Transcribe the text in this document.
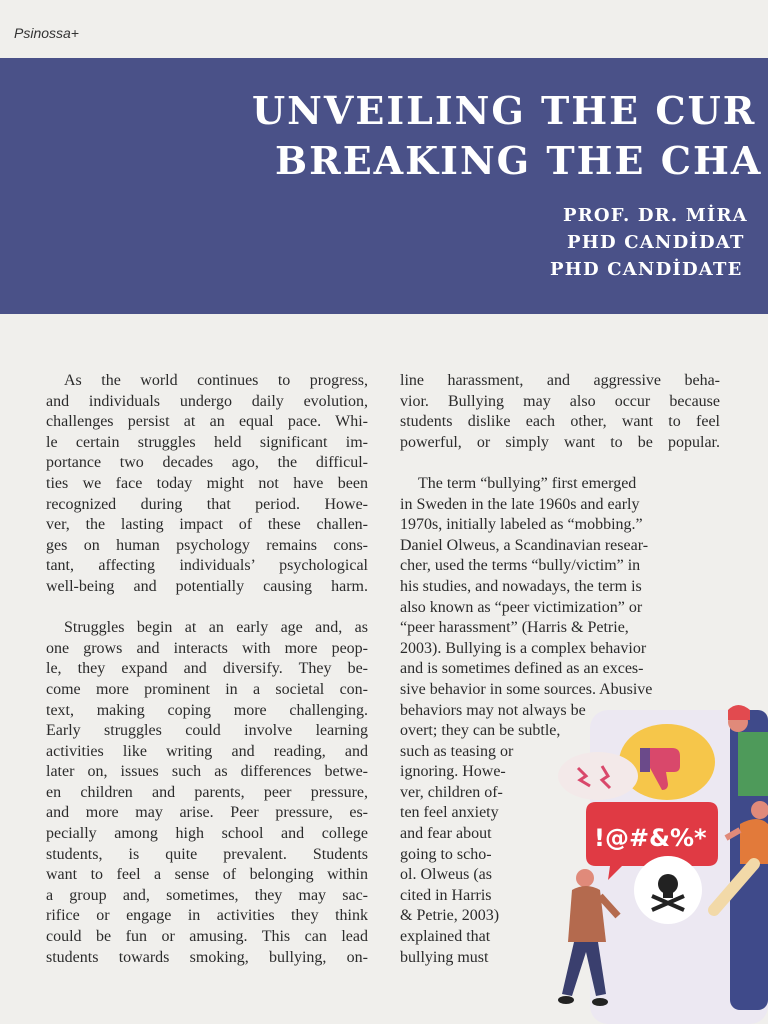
Psinossa+
UNVEILING THE CUR
BREAKING THE CHA
PROF. DR. MİRA
PHD CANDİDAT
PHD CANDİDATE
As the world continues to progress,
and individuals undergo daily evolution,
challenges persist at an equal pace. Whi-
le certain struggles held significant im-
portance two decades ago, the difficul-
ties we face today might not have been
recognized during that period. Howe-
ver, the lasting impact of these challen-
ges on human psychology remains cons-
tant, affecting individuals’ psychological
well-being and potentially causing harm.
Struggles begin at an early age and, as
one grows and interacts with more peop-
le, they expand and diversify. They be-
come more prominent in a societal con-
text, making coping more challenging.
Early struggles could involve learning
activities like writing and reading, and
later on, issues such as differences betwe-
en children and parents, peer pressure,
and more may arise. Peer pressure, es-
pecially among high school and college
students, is quite prevalent. Students
want to feel a sense of belonging within
a group and, sometimes, they may sac-
rifice or engage in activities they think
could be fun or amusing. This can lead
students towards smoking, bullying, on-
line harassment, and aggressive beha-
vior. Bullying may also occur because
students dislike each other, want to feel
powerful, or simply want to be popular.
The term “bullying” first emerged
in Sweden in the late 1960s and early
1970s, initially labeled as “mobbing.”
Daniel Olweus, a Scandinavian resear-
cher, used the terms “bully/victim” in
his studies, and nowadays, the term is
also known as “peer victimization” or
“peer harassment” (Harris & Petrie,
2003). Bullying is a complex behavior
and is sometimes defined as an exces-
sive behavior in some sources. Abusive
behaviors may not always be
overt; they can be subtle,
such as teasing or
ignoring. Howe-
ver, children of-
ten feel anxiety
and fear about
going to scho-
ol. Olweus (as
cited in Harris
& Petrie, 2003)
explained that
bullying must
!@#&%*
